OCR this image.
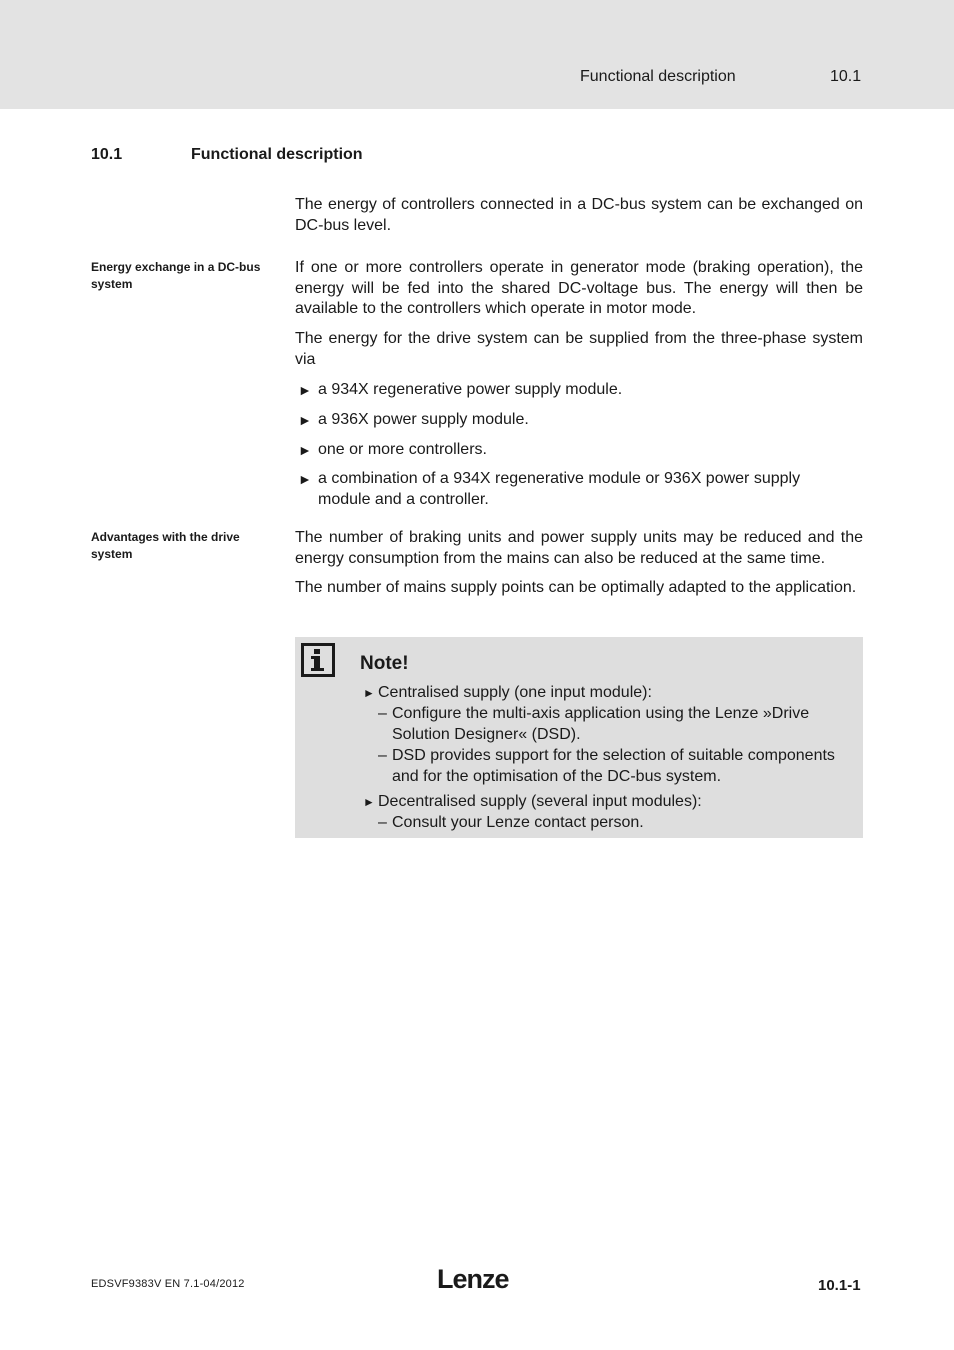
Functional description	10.1
10.1	Functional description

The energy of controllers connected in a DC-bus system can be exchanged on DC-bus level.

Energy exchange in a DC-bus system

If one or more controllers operate in generator mode (braking operation), the energy will be fed into the shared DC-voltage bus. The energy will then be available to the controllers which operate in motor mode.

The energy for the drive system can be supplied from the three-phase system via

► a 934X regenerative power supply module.
► a 936X power supply module.
► one or more controllers.
► a combination of a 934X regenerative module or 936X power supply module and a controller.
Advantages with the drive system

The number of braking units and power supply units may be reduced and the energy consumption from the mains can also be reduced at the same time.

The number of mains supply points can be optimally adapted to the application.

Note!
► Centralised supply (one input module):
– Configure the multi-axis application using the Lenze »Drive Solution Designer« (DSD).
– DSD provides support for the selection of suitable components and for the optimisation of the DC-bus system.
► Decentralised supply (several input modules):
– Consult your Lenze contact person.
EDSVF9383V EN 7.1-04/2012	Lenze	10.1-1
